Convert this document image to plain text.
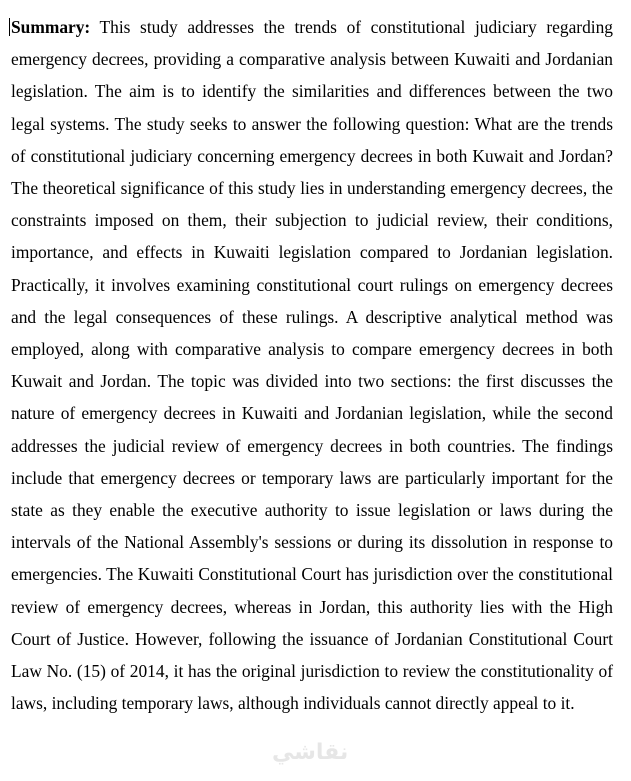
Summary: This study addresses the trends of constitutional judiciary regarding emergency decrees, providing a comparative analysis between Kuwaiti and Jordanian legislation. The aim is to identify the similarities and differences between the two legal systems. The study seeks to answer the following question: What are the trends of constitutional judiciary concerning emergency decrees in both Kuwait and Jordan? The theoretical significance of this study lies in understanding emergency decrees, the constraints imposed on them, their subjection to judicial review, their conditions, importance, and effects in Kuwaiti legislation compared to Jordanian legislation. Practically, it involves examining constitutional court rulings on emergency decrees and the legal consequences of these rulings. A descriptive analytical method was employed, along with comparative analysis to compare emergency decrees in both Kuwait and Jordan. The topic was divided into two sections: the first discusses the nature of emergency decrees in Kuwaiti and Jordanian legislation, while the second addresses the judicial review of emergency decrees in both countries. The findings include that emergency decrees or temporary laws are particularly important for the state as they enable the executive authority to issue legislation or laws during the intervals of the National Assembly's sessions or during its dissolution in response to emergencies. The Kuwaiti Constitutional Court has jurisdiction over the constitutional review of emergency decrees, whereas in Jordan, this authority lies with the High Court of Justice. However, following the issuance of Jordanian Constitutional Court Law No. (15) of 2014, it has the original jurisdiction to review the constitutionality of laws, including temporary laws, although individuals cannot directly appeal to it.

نقاشي
